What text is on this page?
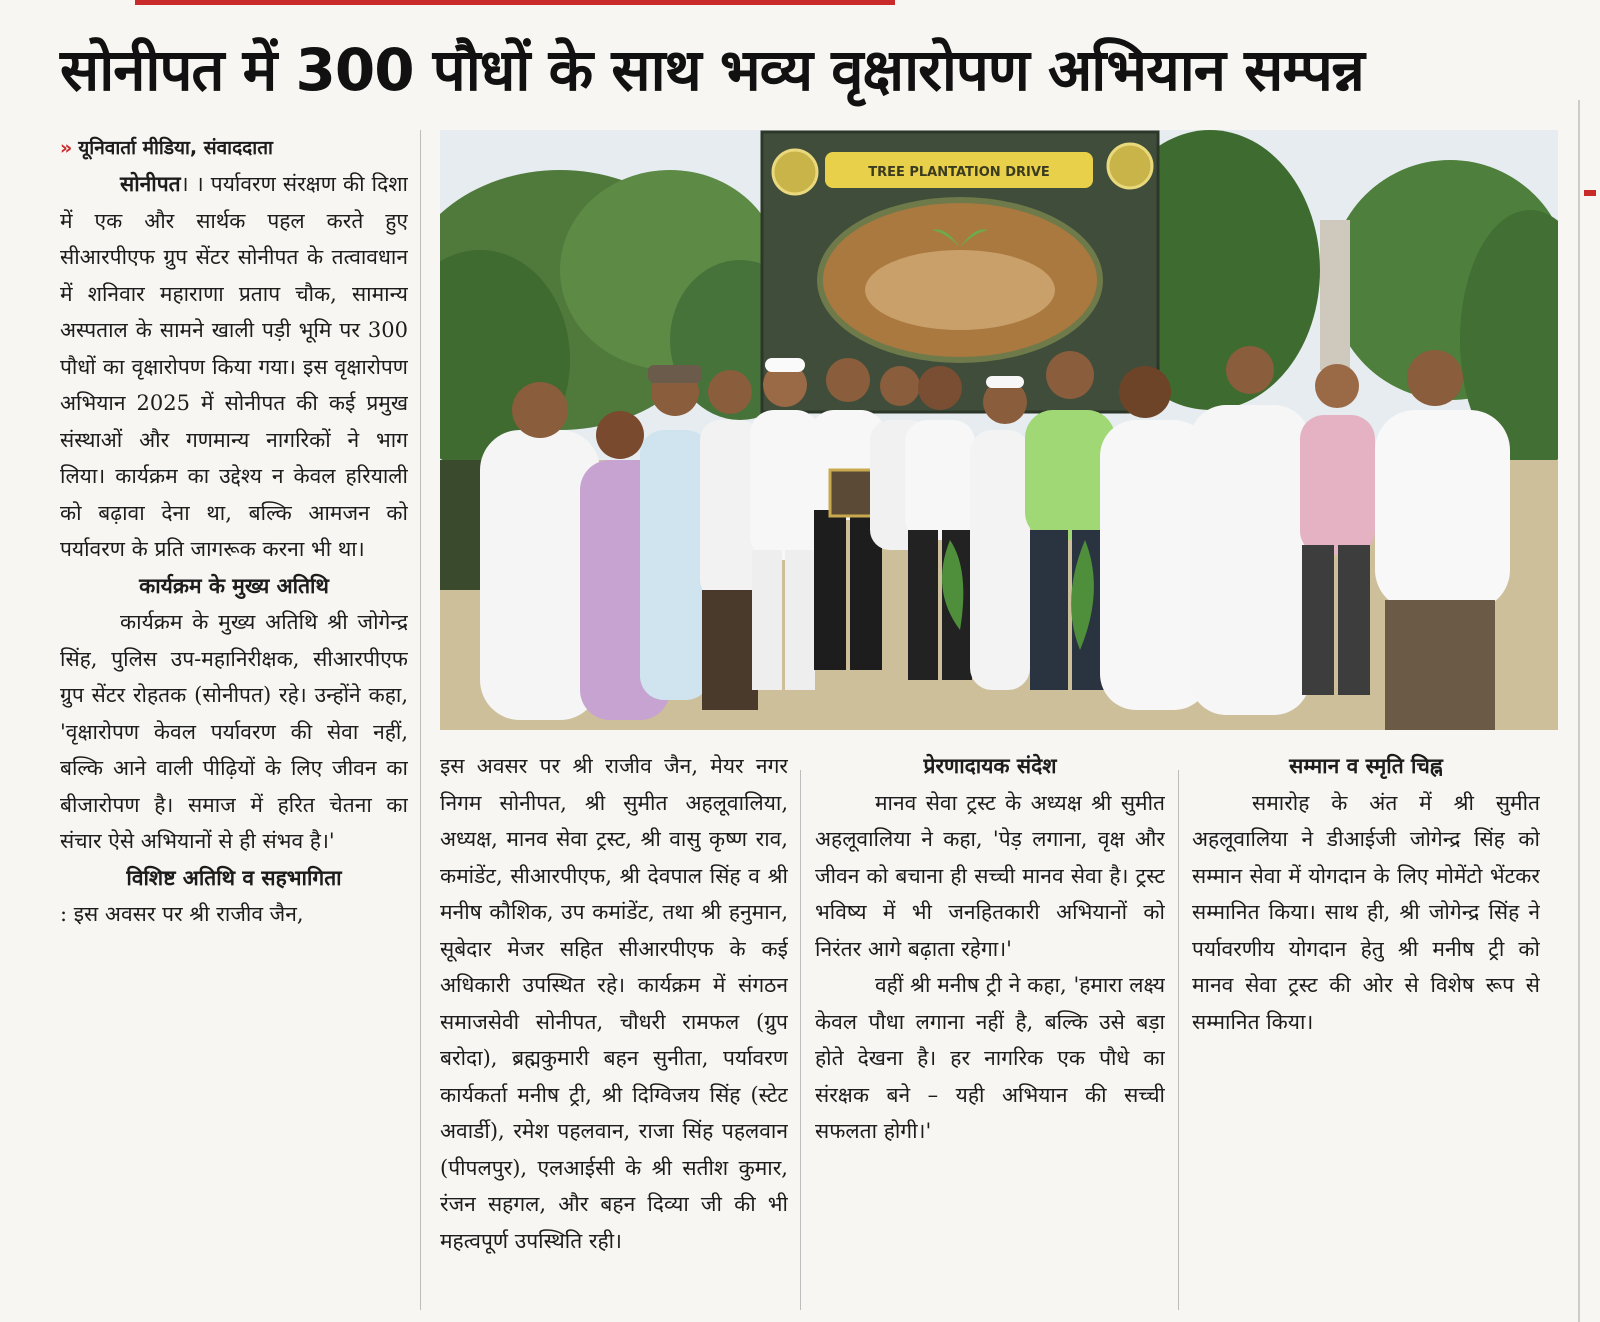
सोनीपत में 300 पौधों के साथ भव्य वृक्षारोपण अभियान सम्पन्न
» यूनिवार्ता मीडिया, संवाददाता

सोनीपत। । पर्यावरण संरक्षण की दिशा में एक और सार्थक पहल करते हुए सीआरपीएफ ग्रुप सेंटर सोनीपत के तत्वावधान में शनिवार महाराणा प्रताप चौक, सामान्य अस्पताल के सामने खाली पड़ी भूमि पर 300 पौधों का वृक्षारोपण किया गया। इस वृक्षारोपण अभियान 2025 में सोनीपत की कई प्रमुख संस्थाओं और गणमान्य नागरिकों ने भाग लिया। कार्यक्रम का उद्देश्य न केवल हरियाली को बढ़ावा देना था, बल्कि आमजन को पर्यावरण के प्रति जागरूक करना भी था।

कार्यक्रम के मुख्य अतिथि

कार्यक्रम के मुख्य अतिथि श्री जोगेन्द्र सिंह, पुलिस उप-महानिरीक्षक, सीआरपीएफ ग्रुप सेंटर रोहतक (सोनीपत) रहे। उन्होंने कहा, 'वृक्षारोपण केवल पर्यावरण की सेवा नहीं, बल्कि आने वाली पीढ़ियों के लिए जीवन का बीजारोपण है। समाज में हरित चेतना का संचार ऐसे अभियानों से ही संभव है।'

विशिष्ट अतिथि व सहभागिता

: इस अवसर पर श्री राजीव जैन,

TREE PLANTATION DRIVE

इस अवसर पर श्री राजीव जैन, मेयर नगर निगम सोनीपत, श्री सुमीत अहलूवालिया, अध्यक्ष, मानव सेवा ट्रस्ट, श्री वासु कृष्ण राव, कमांडेंट, सीआरपीएफ, श्री देवपाल सिंह व श्री मनीष कौशिक, उप कमांडेंट, तथा श्री हनुमान, सूबेदार मेजर सहित सीआरपीएफ के कई अधिकारी उपस्थित रहे। कार्यक्रम में संगठन समाजसेवी सोनीपत, चौधरी रामफल (ग्रुप बरोदा), ब्रह्मकुमारी बहन सुनीता, पर्यावरण कार्यकर्ता मनीष ट्री, श्री दिग्विजय सिंह (स्टेट अवार्डी), रमेश पहलवान, राजा सिंह पहलवान (पीपलपुर), एलआईसी के श्री सतीश कुमार, रंजन सहगल, और बहन दिव्या जी की भी महत्वपूर्ण उपस्थिति रही।

प्रेरणादायक संदेश

मानव सेवा ट्रस्ट के अध्यक्ष श्री सुमीत अहलूवालिया ने कहा, 'पेड़ लगाना, वृक्ष और जीवन को बचाना ही सच्ची मानव सेवा है। ट्रस्ट भविष्य में भी जनहितकारी अभियानों को निरंतर आगे बढ़ाता रहेगा।'

वहीं श्री मनीष ट्री ने कहा, 'हमारा लक्ष्य केवल पौधा लगाना नहीं है, बल्कि उसे बड़ा होते देखना है। हर नागरिक एक पौधे का संरक्षक बने – यही अभियान की सच्ची सफलता होगी।'

सम्मान व स्मृति चिह्न

समारोह के अंत में श्री सुमीत अहलूवालिया ने डीआईजी जोगेन्द्र सिंह को सम्मान सेवा में योगदान के लिए मोमेंटो भेंटकर सम्मानित किया। साथ ही, श्री जोगेन्द्र सिंह ने पर्यावरणीय योगदान हेतु श्री मनीष ट्री को मानव सेवा ट्रस्ट की ओर से विशेष रूप से सम्मानित किया।
